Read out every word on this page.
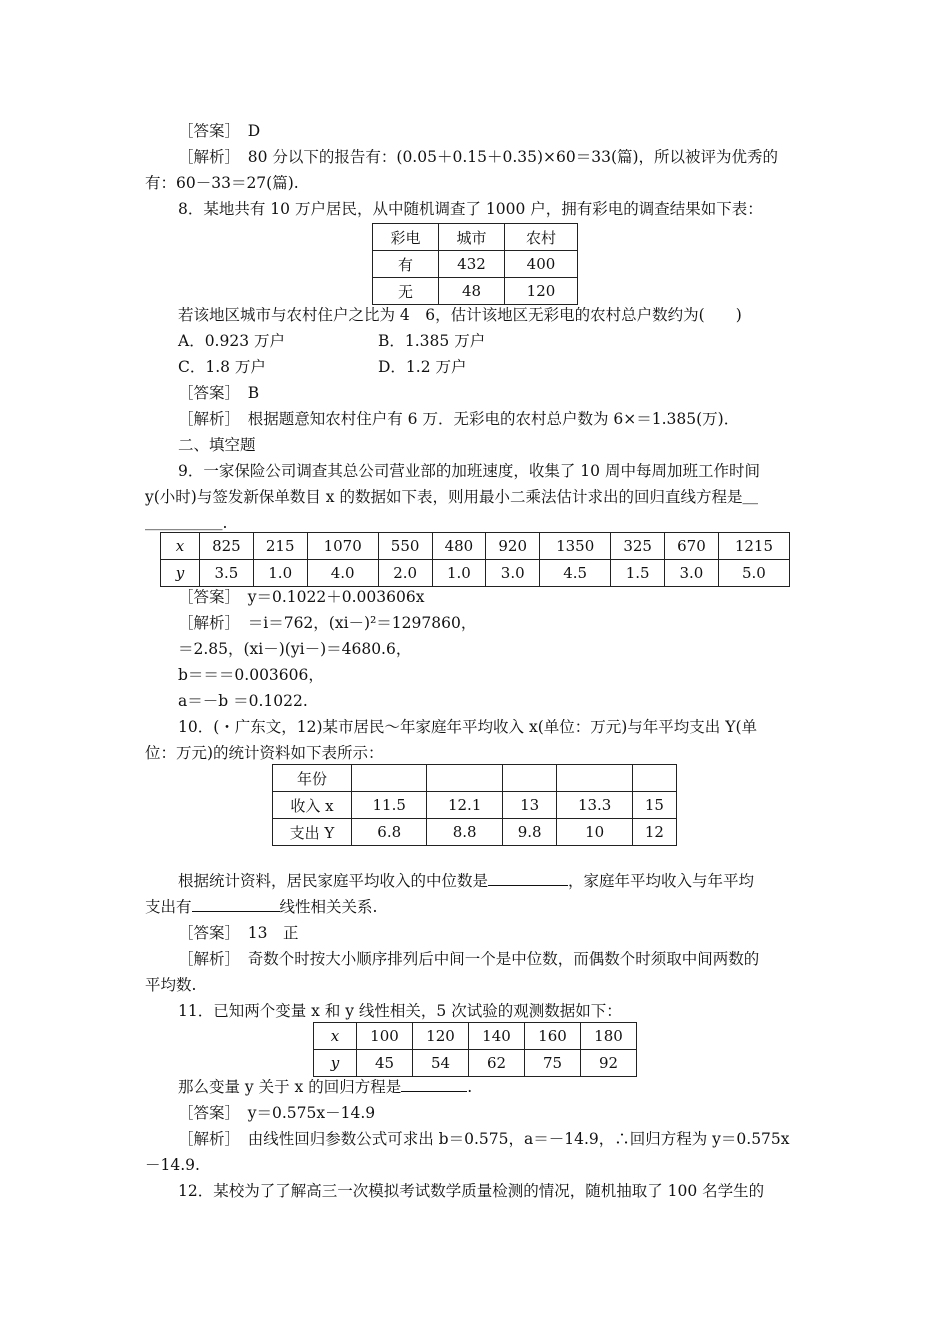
［答案］　D
［解析］　80 分以下的报告有：(0.05＋0.15＋0.35)×60＝33(篇)，所以被评为优秀的
有：60－33＝27(篇).
8．某地共有 10 万户居民，从中随机调查了 1000 户，拥有彩电的调查结果如下表：
彩电	城市	农村
有	432	400
无	48	120
若该地区城市与农村住户之比为 4　6，估计该地区无彩电的农村总户数约为(　　)
A．0.923 万户	B．1.385 万户
C．1.8 万户	D．1.2 万户
［答案］　B
［解析］　根据题意知农村住户有 6 万．无彩电的农村总户数为 6×＝1.385(万)．
二、填空题
9．一家保险公司调查其总公司营业部的加班速度，收集了 10 周中每周加班工作时间
y(小时)与签发新保单数目 x 的数据如下表，则用最小二乘法估计求出的回归直线方程是＿
＿＿＿＿＿.
x	825	215	1070	550	480	920	1350	325	670	1215
y	3.5	1.0	4.0	2.0	1.0	3.0	4.5	1.5	3.0	5.0
［答案］　y＝0.1022＋0.003606x
［解析］　＝i＝762，(xi－)²＝1297860，
＝2.85，(xi－)(yi－)＝4680.6，
b＝＝＝0.003606，
a＝－b ＝0.1022.
10．(・广东文，12)某市居民～年家庭年平均收入 x(单位：万元)与年平均支出 Y(单
位：万元)的统计资料如下表所示：
年份					
收入 x	11.5	12.1	13	13.3	15
支出 Y	6.8	8.8	9.8	10	12
根据统计资料，居民家庭平均收入的中位数是	，家庭年平均收入与年平均
支出有	线性相关关系.
［答案］　13　正
［解析］　奇数个时按大小顺序排列后中间一个是中位数，而偶数个时须取中间两数的
平均数.
11．已知两个变量 x 和 y 线性相关，5 次试验的观测数据如下：
x	100	120	140	160	180
y	45	54	62	75	92
那么变量 y 关于 x 的回归方程是	.
［答案］　y＝0.575x－14.9
［解析］　由线性回归参数公式可求出 b＝0.575，a＝－14.9，∴回归方程为 y＝0.575x
－14.9.
12．某校为了了解高三一次模拟考试数学质量检测的情况，随机抽取了 100 名学生的
